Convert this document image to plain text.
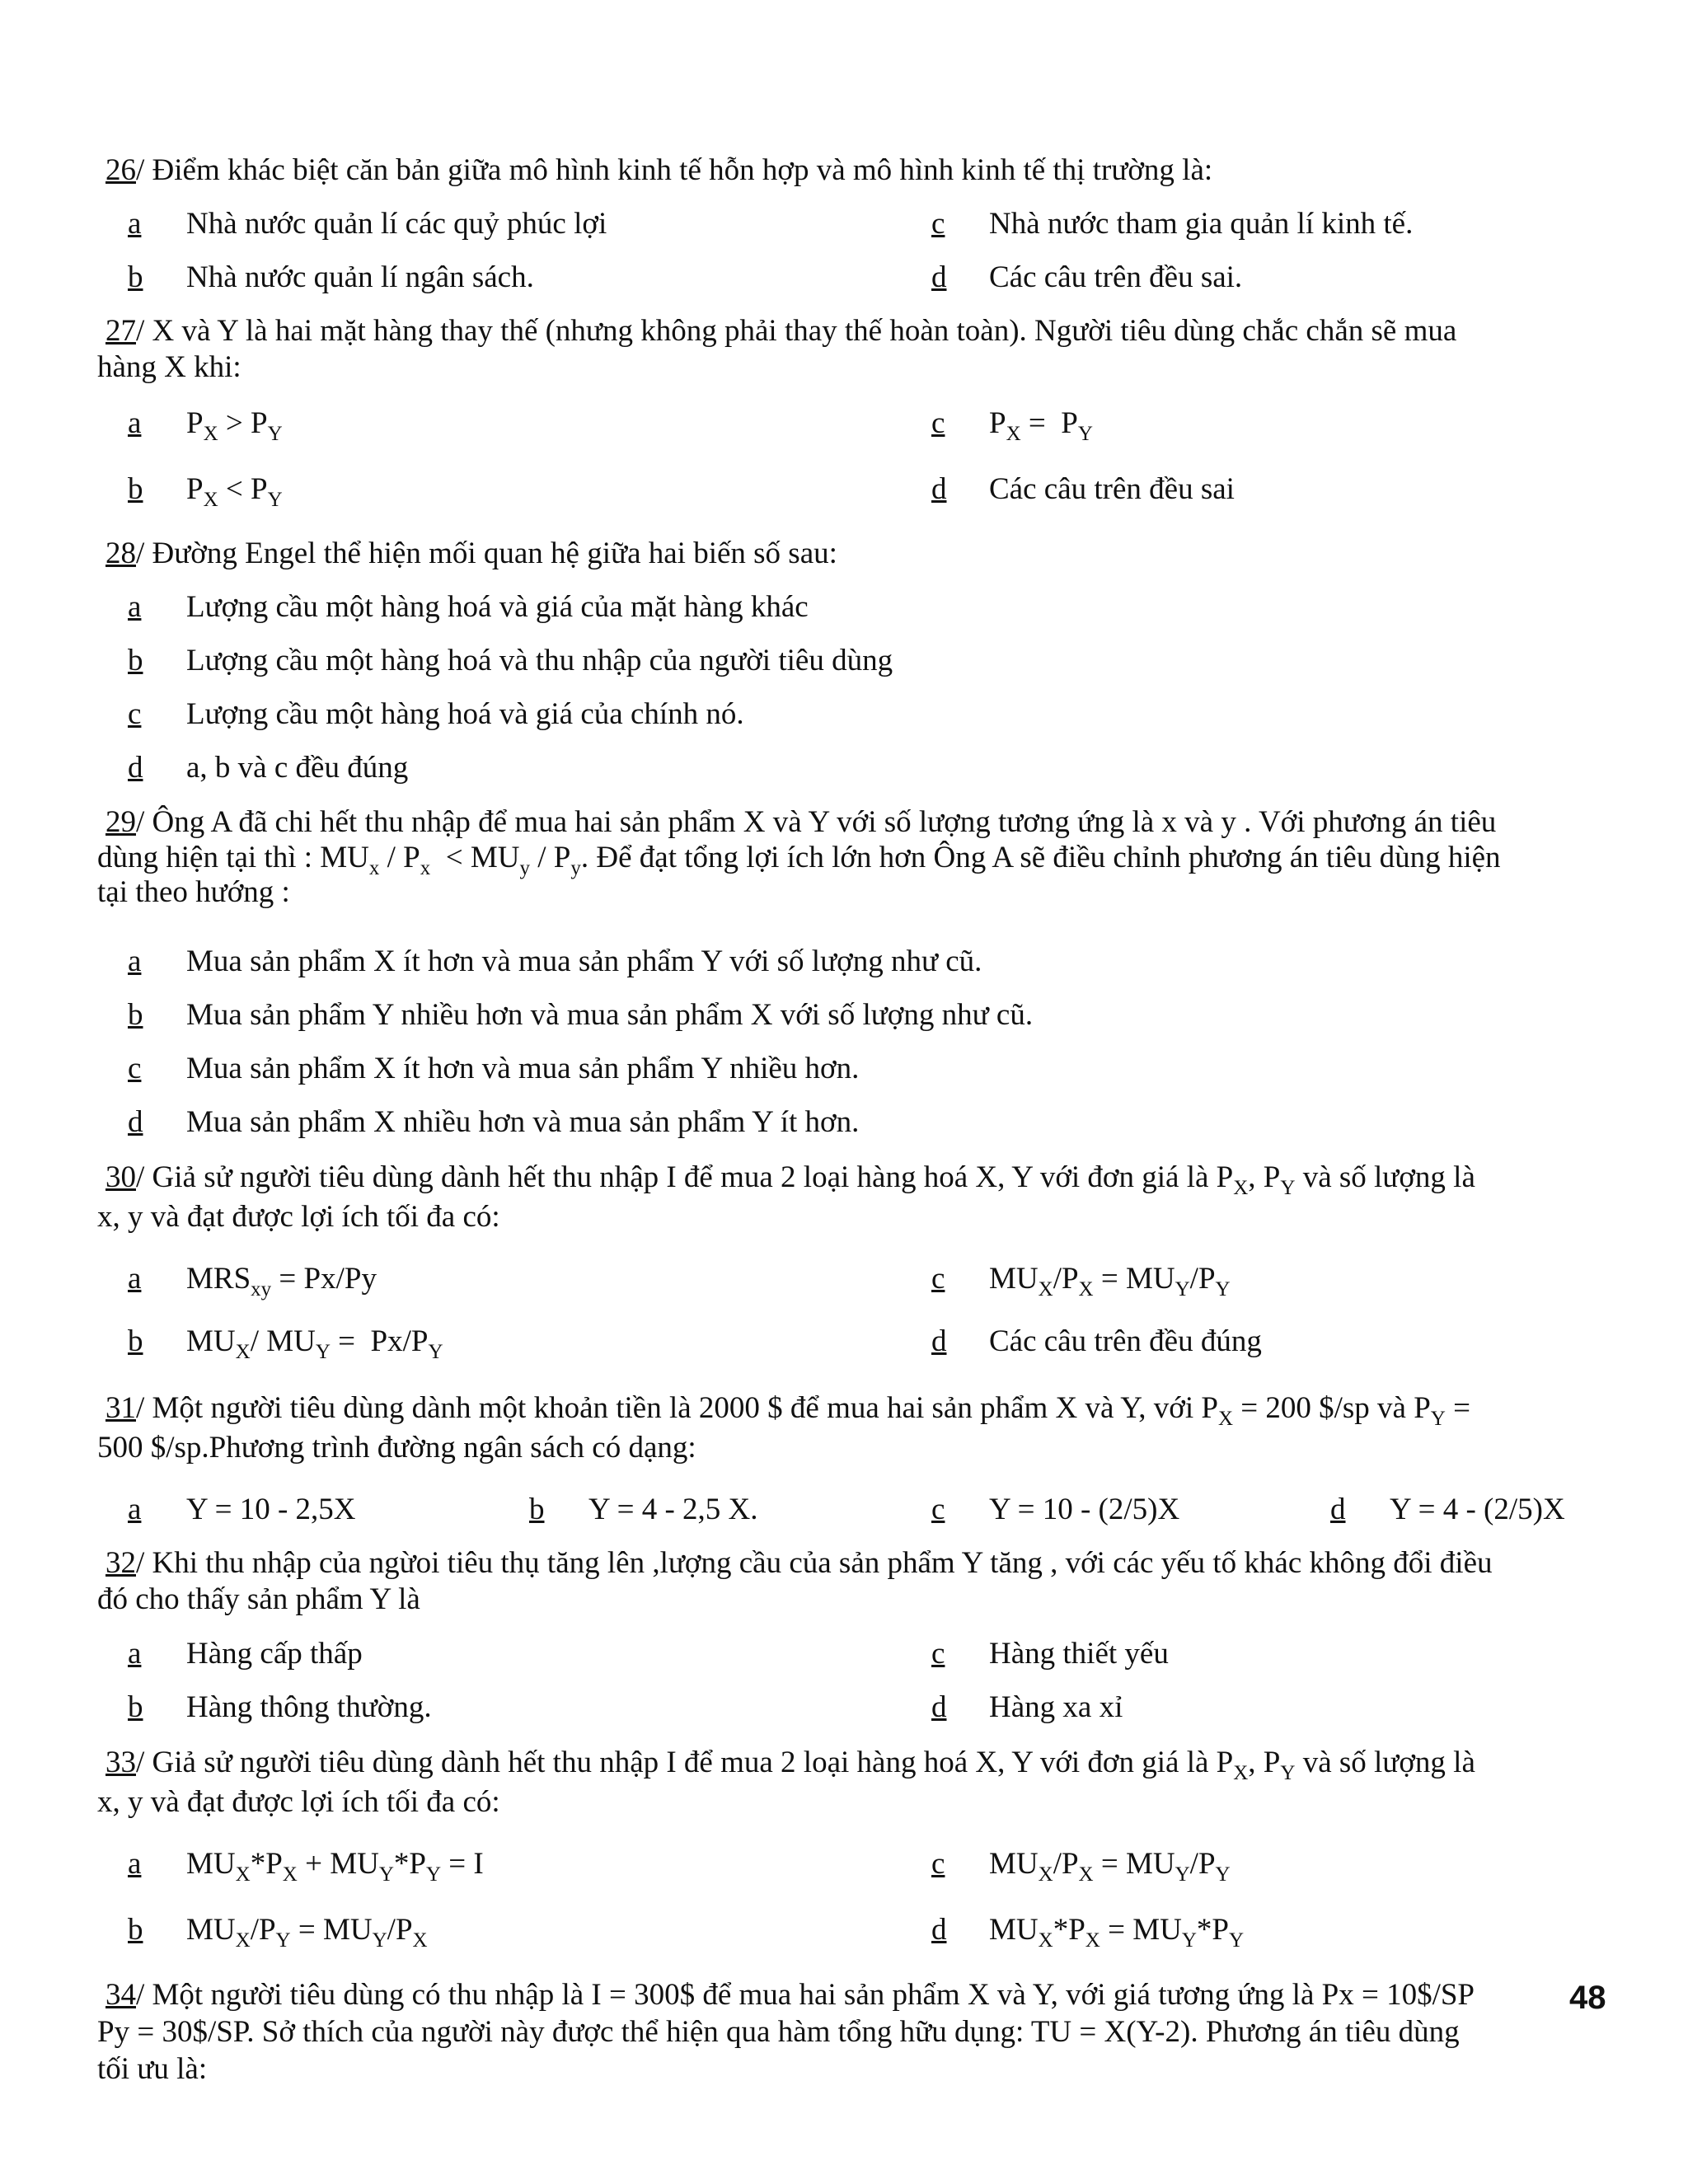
26/ Điểm khác biệt căn bản giữa mô hình kinh tế hỗn hợp và mô hình kinh tế thị trường là:
a Nhà nước quản lí các quỷ phúc lợi	c Nhà nước tham gia quản lí kinh tế.
b Nhà nước quản lí ngân sách.	d Các câu trên đều sai.
27/ X và Y là hai mặt hàng thay thế (nhưng không phải thay thế hoàn toàn). Người tiêu dùng chắc chắn sẽ mua
hàng X khi:
a $P_X > P_Y$	c $P_X = P_Y$
b $P_X < P_Y$	d Các câu trên đều sai
28/ Đường Engel thể hiện mối quan hệ giữa hai biến số sau:
a Lượng cầu một hàng hoá và giá của mặt hàng khác
b Lượng cầu một hàng hoá và thu nhập của người tiêu dùng
c Lượng cầu một hàng hoá và giá của chính nó.
d a, b và c đều đúng
29/ Ông A đã chi hết thu nhập để mua hai sản phẩm X và Y với số lượng tương ứng là x và y . Với phương án tiêu
dùng hiện tại thì : $MU_x / P_x < MU_y / P_y$. Để đạt tổng lợi ích lớn hơn Ông A sẽ điều chỉnh phương án tiêu dùng hiện
tại theo hướng :
a Mua sản phẩm X ít hơn và mua sản phẩm Y với số lượng như cũ.
b Mua sản phẩm Y nhiều hơn và mua sản phẩm X với số lượng như cũ.
c Mua sản phẩm X ít hơn và mua sản phẩm Y nhiều hơn.
d Mua sản phẩm X nhiều hơn và mua sản phẩm Y ít hơn.
30/ Giả sử người tiêu dùng dành hết thu nhập I để mua 2 loại hàng hoá X, Y với đơn giá là $P_X$, $P_Y$ và số lượng là
x, y và đạt được lợi ích tối đa có:
a $MRS_{xy} = Px/Py$	c $MU_X/P_X = MU_Y/P_Y$
b $MU_X/$ $MU_Y = Px/P_Y$	d Các câu trên đều đúng
31/ Một người tiêu dùng dành một khoản tiền là 2000 $ để mua hai sản phẩm X và Y, với $P_X = 200$ $/sp và $P_Y$ =
500 $/sp.Phương trình đường ngân sách có dạng:
a Y = 10 - 2,5X	b Y = 4 - 2,5 X.	c Y = 10 - (2/5)X	d Y = 4 - (2/5)X
32/ Khi thu nhập của ngừoi tiêu thụ tăng lên ,lượng cầu của sản phẩm Y tăng , với các yếu tố khác không đổi điều
đó cho thấy sản phẩm Y là
a Hàng cấp thấp	c Hàng thiết yếu
b Hàng thông thường.	d Hàng xa xỉ
33/ Giả sử người tiêu dùng dành hết thu nhập I để mua 2 loại hàng hoá X, Y với đơn giá là $P_X$, $P_Y$ và số lượng là
x, y và đạt được lợi ích tối đa có:
a $MU_X*P_X + MU_Y*P_Y = I$	c $MU_X/P_X = MU_Y/P_Y$
b $MU_X/P_Y = MU_Y/P_X$	d $MU_X*P_X = MU_Y*P_Y$
34/ Một người tiêu dùng có thu nhập là I = 300$ để mua hai sản phẩm X và Y, với giá tương ứng là Px = 10$/SP
Py = 30$/SP. Sở thích của người này được thể hiện qua hàm tổng hữu dụng: TU = X(Y-2). Phương án tiêu dùng
tối ưu là:
48
